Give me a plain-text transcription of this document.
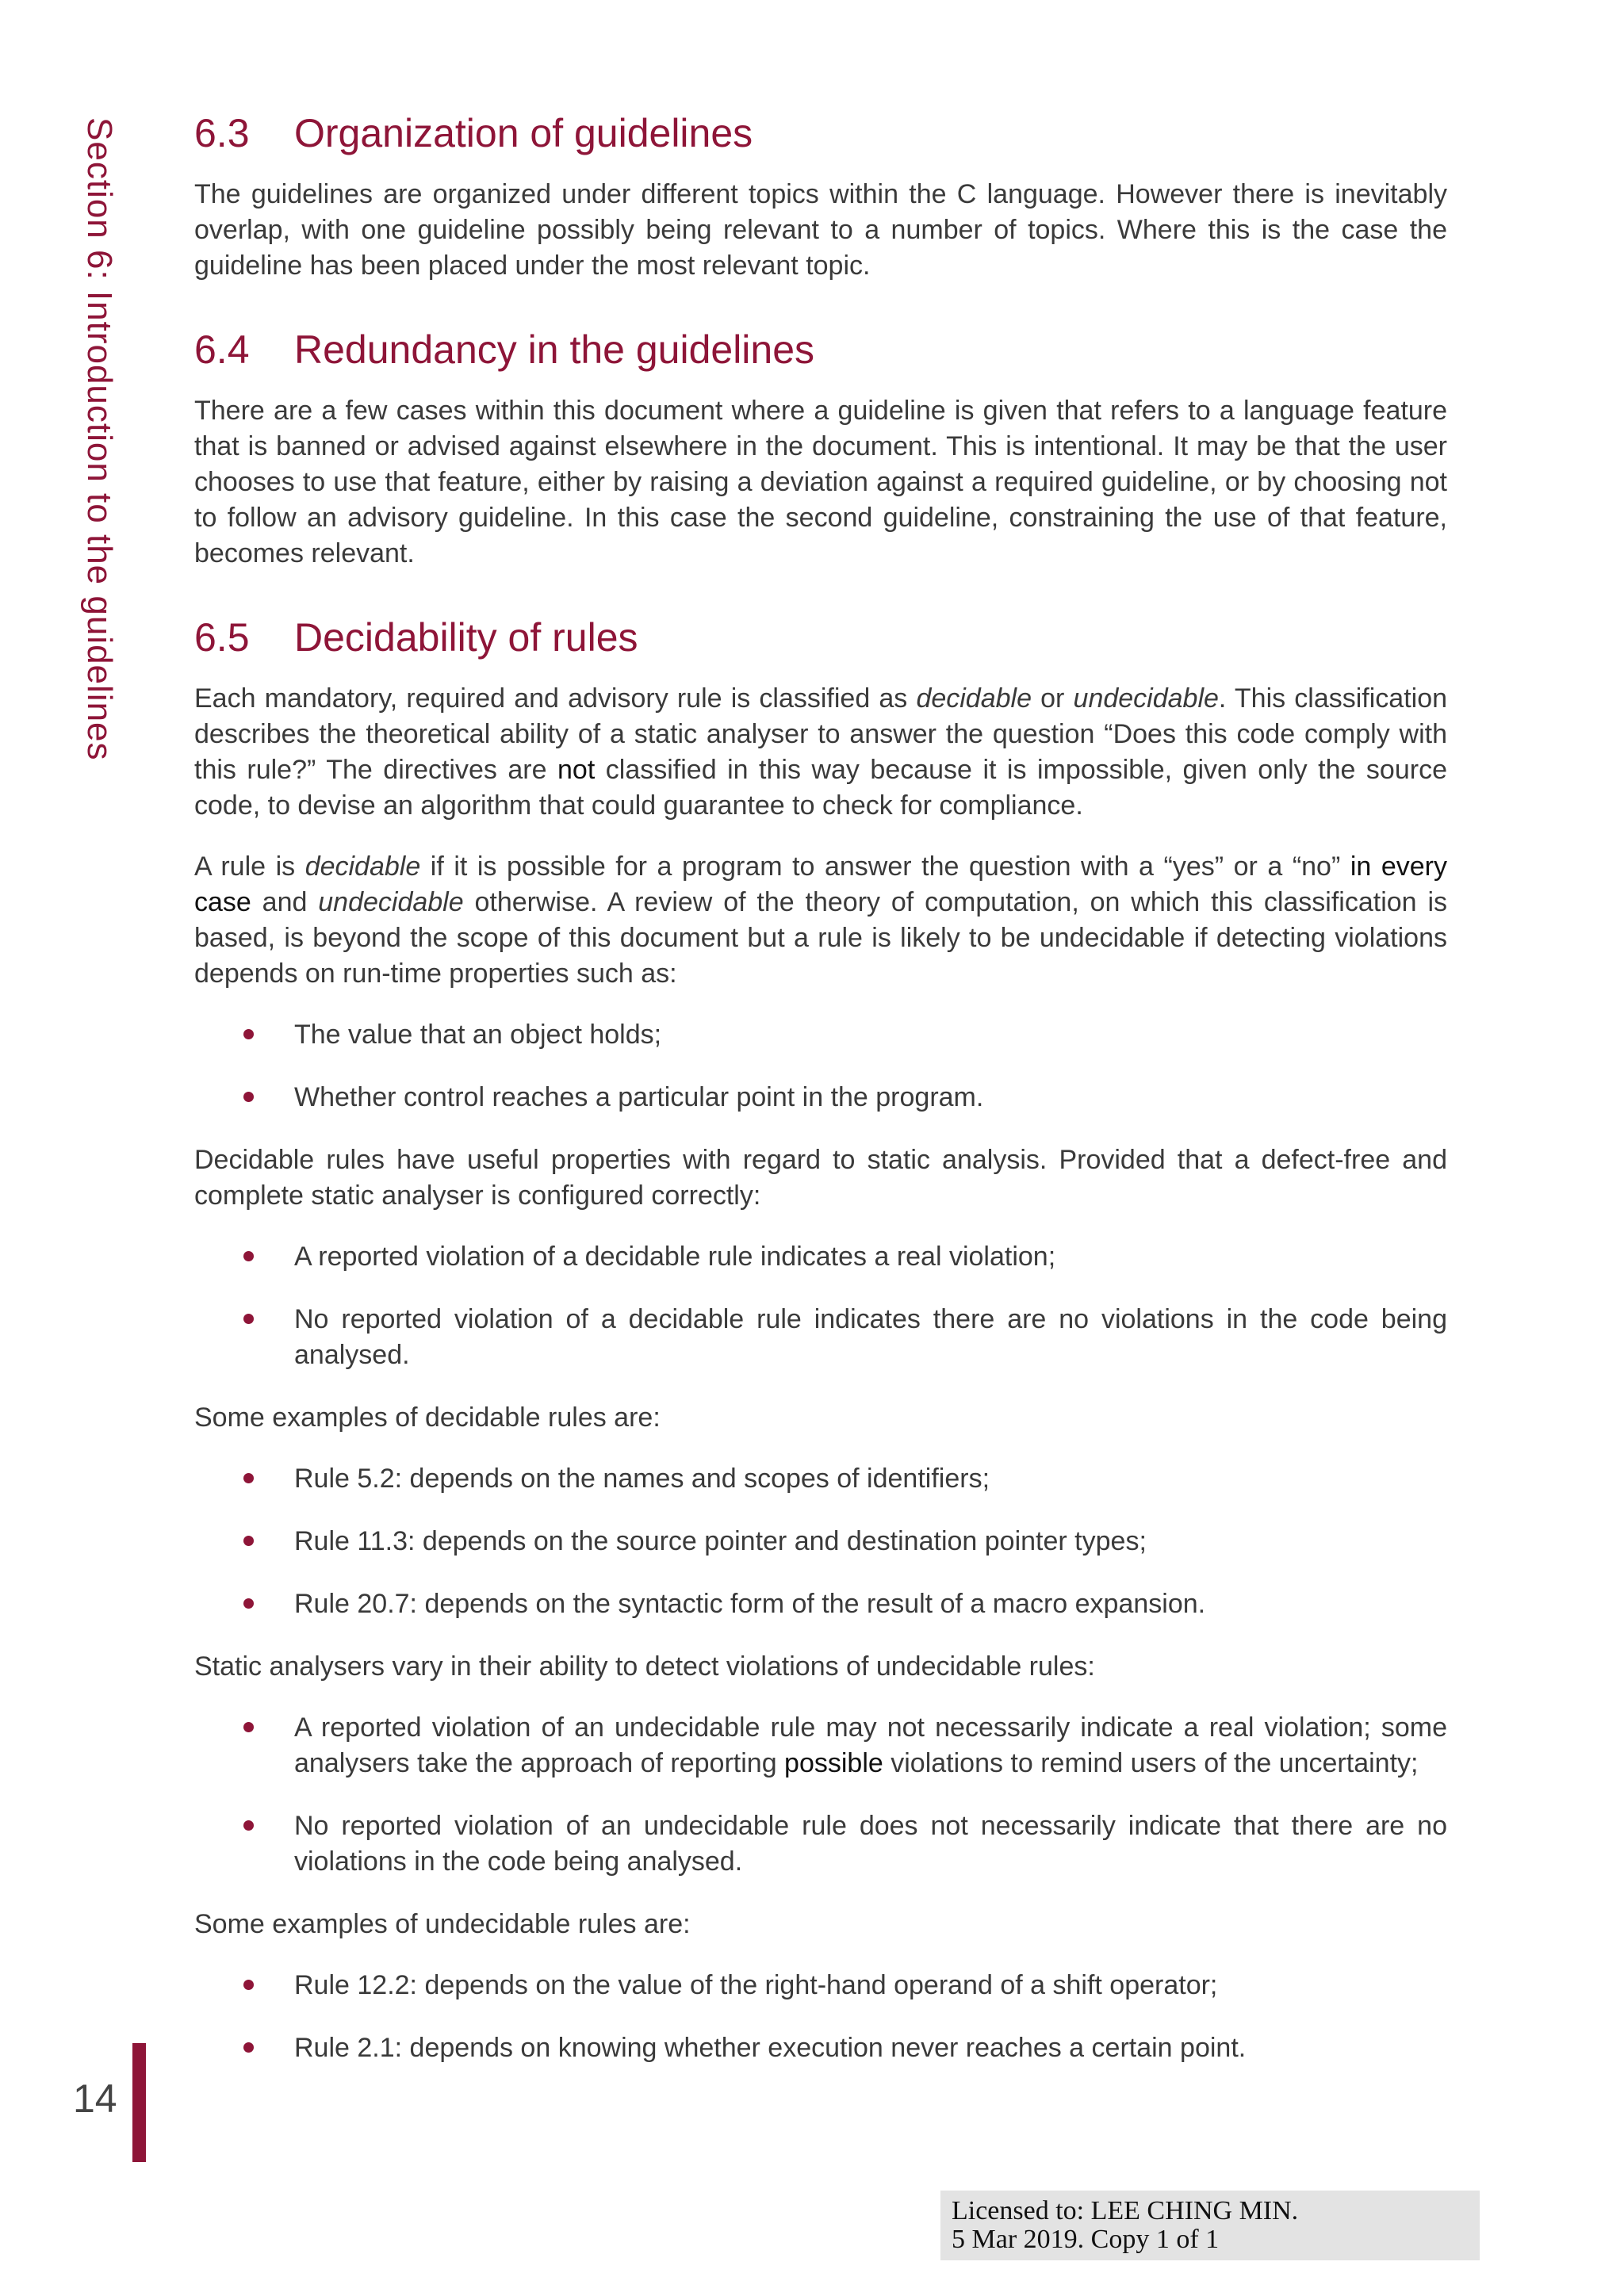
Section 6: Introduction to the guidelines
14
6.3 Organization of guidelines

The guidelines are organized under different topics within the C language. However there is inevitably overlap, with one guideline possibly being relevant to a number of topics. Where this is the case the guideline has been placed under the most relevant topic.

6.4 Redundancy in the guidelines

There are a few cases within this document where a guideline is given that refers to a language feature that is banned or advised against elsewhere in the document. This is intentional. It may be that the user chooses to use that feature, either by raising a deviation against a required guideline, or by choosing not to follow an advisory guideline. In this case the second guideline, constraining the use of that feature, becomes relevant.

6.5 Decidability of rules

Each mandatory, required and advisory rule is classified as decidable or undecidable. This classification describes the theoretical ability of a static analyser to answer the question “Does this code comply with this rule?” The directives are not classified in this way because it is impossible, given only the source code, to devise an algorithm that could guarantee to check for compliance.

A rule is decidable if it is possible for a program to answer the question with a “yes” or a “no” in every case and undecidable otherwise. A review of the theory of computation, on which this classification is based, is beyond the scope of this document but a rule is likely to be undecidable if detecting violations depends on run-time properties such as:

The value that an object holds;
Whether control reaches a particular point in the program.

Decidable rules have useful properties with regard to static analysis. Provided that a defect-free and complete static analyser is configured correctly:

A reported violation of a decidable rule indicates a real violation;
No reported violation of a decidable rule indicates there are no violations in the code being analysed.

Some examples of decidable rules are:

Rule 5.2: depends on the names and scopes of identifiers;
Rule 11.3: depends on the source pointer and destination pointer types;
Rule 20.7: depends on the syntactic form of the result of a macro expansion.

Static analysers vary in their ability to detect violations of undecidable rules:

A reported violation of an undecidable rule may not necessarily indicate a real violation; some analysers take the approach of reporting possible violations to remind users of the uncertainty;
No reported violation of an undecidable rule does not necessarily indicate that there are no violations in the code being analysed.

Some examples of undecidable rules are:

Rule 12.2: depends on the value of the right-hand operand of a shift operator;
Rule 2.1: depends on knowing whether execution never reaches a certain point.
Licensed to: LEE CHING MIN.
5 Mar 2019. Copy 1 of 1
